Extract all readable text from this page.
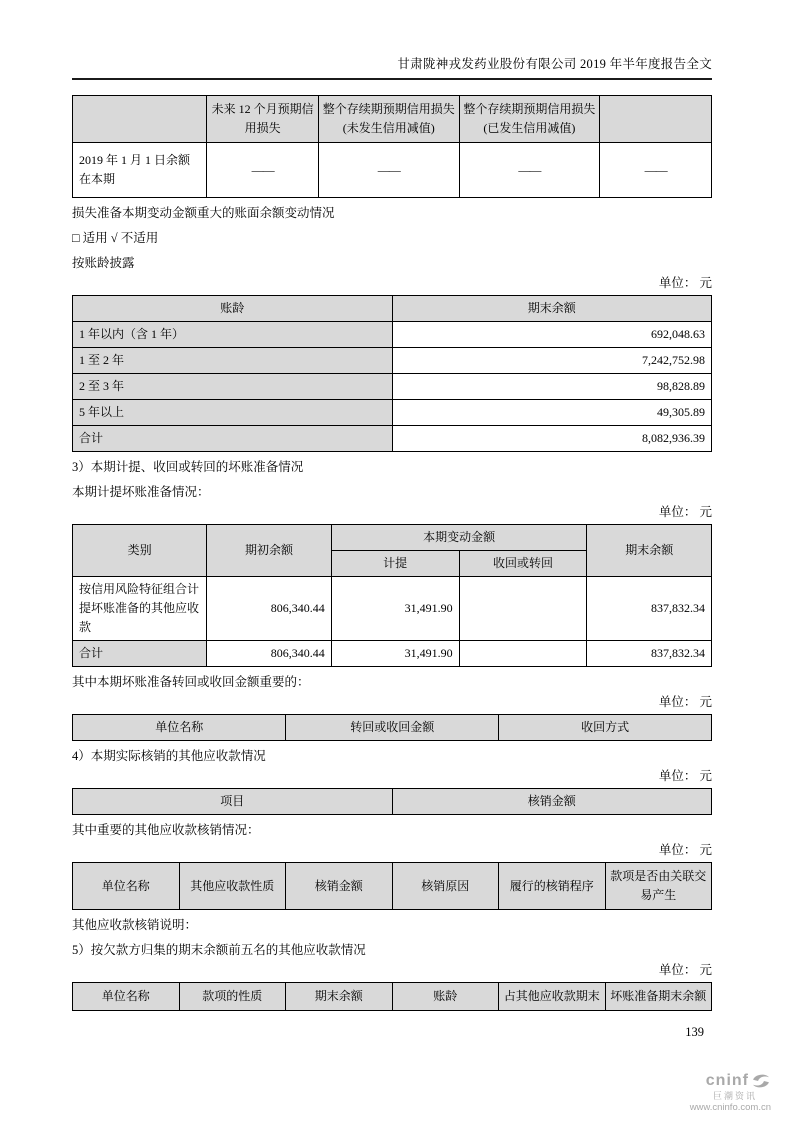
甘肃陇神戎发药业股份有限公司 2019 年半年度报告全文
	未来 12 个月预期信用损失	整个存续期预期信用损失(未发生信用减值)	整个存续期预期信用损失(已发生信用减值)	
2019 年 1 月 1 日余额在本期	——	——	——	——

损失准备本期变动金额重大的账面余额变动情况

□ 适用 √ 不适用

按账龄披露

单位： 元
账龄	期末余额
1 年以内（含 1 年）	692,048.63
1 至 2 年	7,242,752.98
2 至 3 年	98,828.89
5 年以上	49,305.89
合计	8,082,936.39

3）本期计提、收回或转回的坏账准备情况

本期计提坏账准备情况：

单位： 元
类别	期初余额	本期变动金额		期末余额
		计提	收回或转回	
按信用风险特征组合计提坏账准备的其他应收款	806,340.44	31,491.90		837,832.34
合计	806,340.44	31,491.90		837,832.34

其中本期坏账准备转回或收回金额重要的：

单位： 元
单位名称	转回或收回金额	收回方式

4）本期实际核销的其他应收款情况

单位： 元
项目	核销金额

其中重要的其他应收款核销情况：

单位： 元
单位名称	其他应收款性质	核销金额	核销原因	履行的核销程序	款项是否由关联交易产生

其他应收款核销说明：

5）按欠款方归集的期末余额前五名的其他应收款情况

单位： 元
单位名称	款项的性质	期末余额	账龄	占其他应收款期末	坏账准备期末余额
139
cninf
巨潮资讯
www.cninfo.com.cn
